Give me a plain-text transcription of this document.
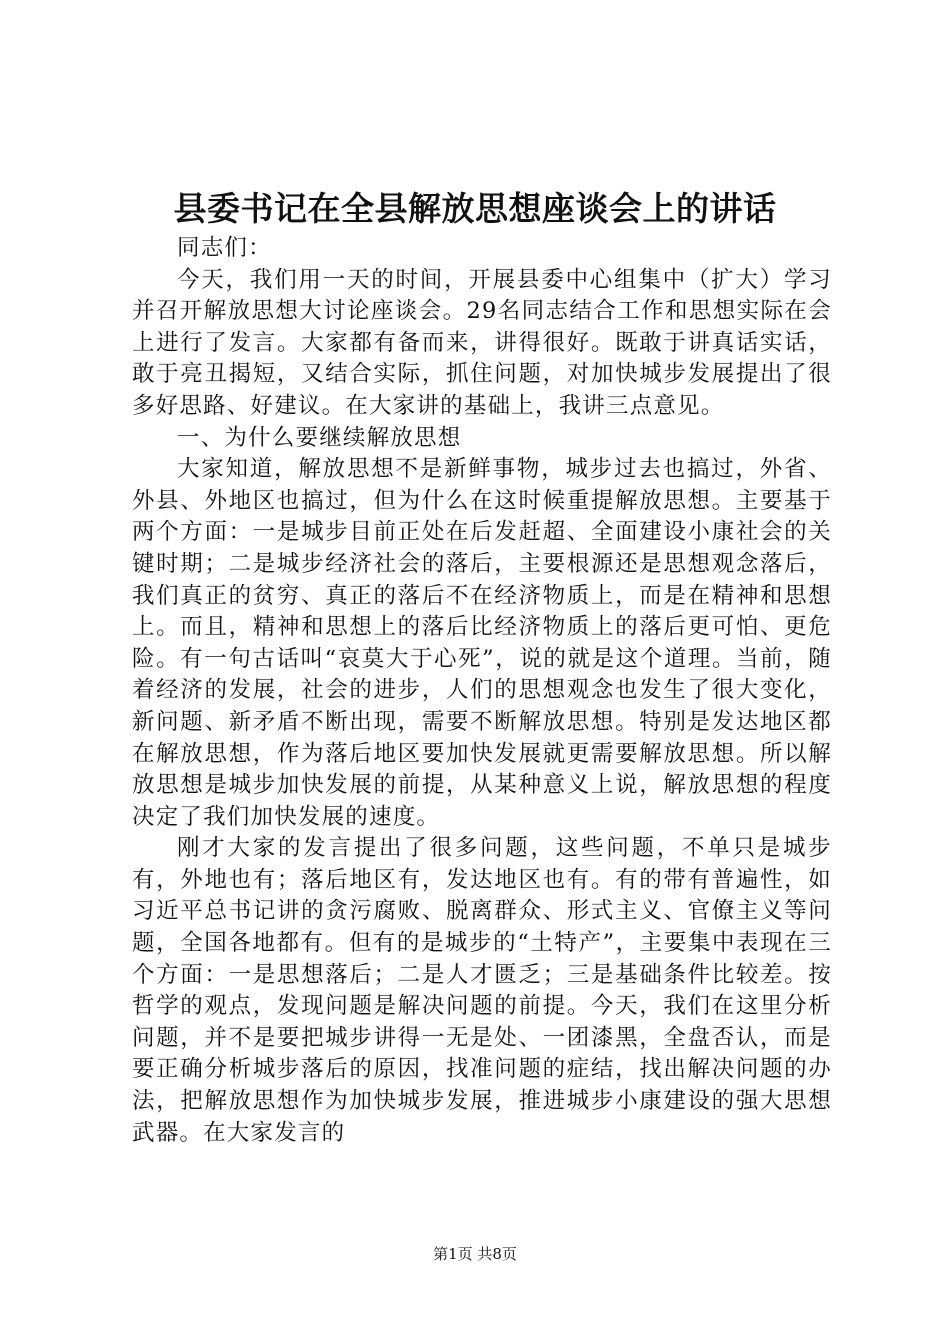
县委书记在全县解放思想座谈会上的讲话

同志们：

今天，我们用一天的时间，开展县委中心组集中（扩大）学习并召开解放思想大讨论座谈会。29名同志结合工作和思想实际在会上进行了发言。大家都有备而来，讲得很好。既敢于讲真话实话，敢于亮丑揭短，又结合实际，抓住问题，对加快城步发展提出了很多好思路、好建议。在大家讲的基础上，我讲三点意见。

一、为什么要继续解放思想

大家知道，解放思想不是新鲜事物，城步过去也搞过，外省、外县、外地区也搞过，但为什么在这时候重提解放思想。主要基于两个方面：一是城步目前正处在后发赶超、全面建设小康社会的关键时期；二是城步经济社会的落后，主要根源还是思想观念落后，我们真正的贫穷、真正的落后不在经济物质上，而是在精神和思想上。而且，精神和思想上的落后比经济物质上的落后更可怕、更危险。有一句古话叫“哀莫大于心死”，说的就是这个道理。当前，随着经济的发展，社会的进步，人们的思想观念也发生了很大变化，新问题、新矛盾不断出现，需要不断解放思想。特别是发达地区都在解放思想，作为落后地区要加快发展就更需要解放思想。所以解放思想是城步加快发展的前提，从某种意义上说，解放思想的程度决定了我们加快发展的速度。

刚才大家的发言提出了很多问题，这些问题，不单只是城步有，外地也有；落后地区有，发达地区也有。有的带有普遍性，如习近平总书记讲的贪污腐败、脱离群众、形式主义、官僚主义等问题，全国各地都有。但有的是城步的“土特产”，主要集中表现在三个方面：一是思想落后；二是人才匮乏；三是基础条件比较差。按哲学的观点，发现问题是解决问题的前提。今天，我们在这里分析问题，并不是要把城步讲得一无是处、一团漆黑，全盘否认，而是要正确分析城步落后的原因，找准问题的症结，找出解决问题的办法，把解放思想作为加快城步发展，推进城步小康建设的强大思想武器。在大家发言的

第1页 共8页
